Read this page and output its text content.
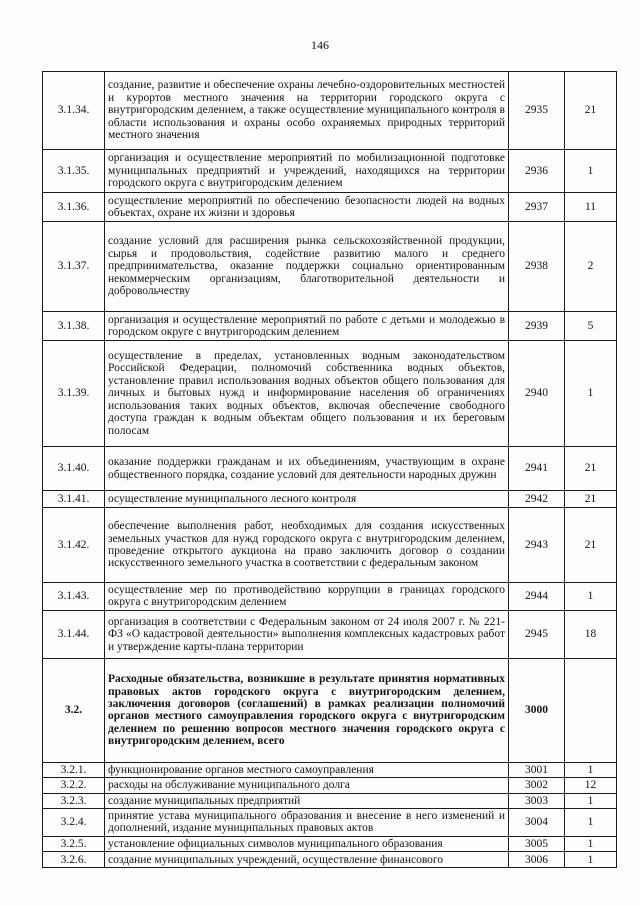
146
3.1.34.	создание, развитие и обеспечение охраны лечебно-оздоровительных местностей и курортов местного значения на территории городского округа с внутригородским делением, а также осуществление муниципального контроля в области использования и охраны особо охраняемых природных территорий местного значения	2935	21
3.1.35.	организация и осуществление мероприятий по мобилизационной подготовке муниципальных предприятий и учреждений, находящихся на территории городского округа с внутригородским делением	2936	1
3.1.36.	осуществление мероприятий по обеспечению безопасности людей на водных объектах, охране их жизни и здоровья	2937	11
3.1.37.	создание условий для расширения рынка сельскохозяйственной продукции, сырья и продовольствия, содействие развитию малого и среднего предпринимательства, оказание поддержки социально ориентированным некоммерческим организациям, благотворительной деятельности и добровольчеству	2938	2
3.1.38.	организация и осуществление мероприятий по работе с детьми и молодежью в городском округе с внутригородским делением	2939	5
3.1.39.	осуществление в пределах, установленных водным законодательством Российской Федерации, полномочий собственника водных объектов, установление правил использования водных объектов общего пользования для личных и бытовых нужд и информирование населения об ограничениях использования таких водных объектов, включая обеспечение свободного доступа граждан к водным объектам общего пользования и их береговым полосам	2940	1
3.1.40.	оказание поддержки гражданам и их объединениям, участвующим в охране общественного порядка, создание условий для деятельности народных дружин	2941	21
3.1.41.	осуществление муниципального лесного контроля	2942	21
3.1.42.	обеспечение выполнения работ, необходимых для создания искусственных земельных участков для нужд городского округа с внутригородским делением, проведение открытого аукциона на право заключить договор о создании искусственного земельного участка в соответствии с федеральным законом	2943	21
3.1.43.	осуществление мер по противодействию коррупции в границах городского округа с внутригородским делением	2944	1
3.1.44.	организация в соответствии с Федеральным законом от 24 июля 2007 г. № 221-ФЗ «О кадастровой деятельности» выполнения комплексных кадастровых работ и утверждение карты-плана территории	2945	18
3.2.	Расходные обязательства, возникшие в результате принятия нормативных правовых актов городского округа с внутригородским делением, заключения договоров (соглашений) в рамках реализации полномочий органов местного самоуправления городского округа с внутригородским делением по решению вопросов местного значения городского округа с внутригородским делением, всего	3000	
3.2.1.	функционирование органов местного самоуправления	3001	1
3.2.2.	расходы на обслуживание муниципального долга	3002	12
3.2.3.	создание муниципальных предприятий	3003	1
3.2.4.	принятие устава муниципального образования и внесение в него изменений и дополнений, издание муниципальных правовых актов	3004	1
3.2.5.	установление официальных символов муниципального образования	3005	1
3.2.6.	создание муниципальных учреждений, осуществление финансового	3006	1
